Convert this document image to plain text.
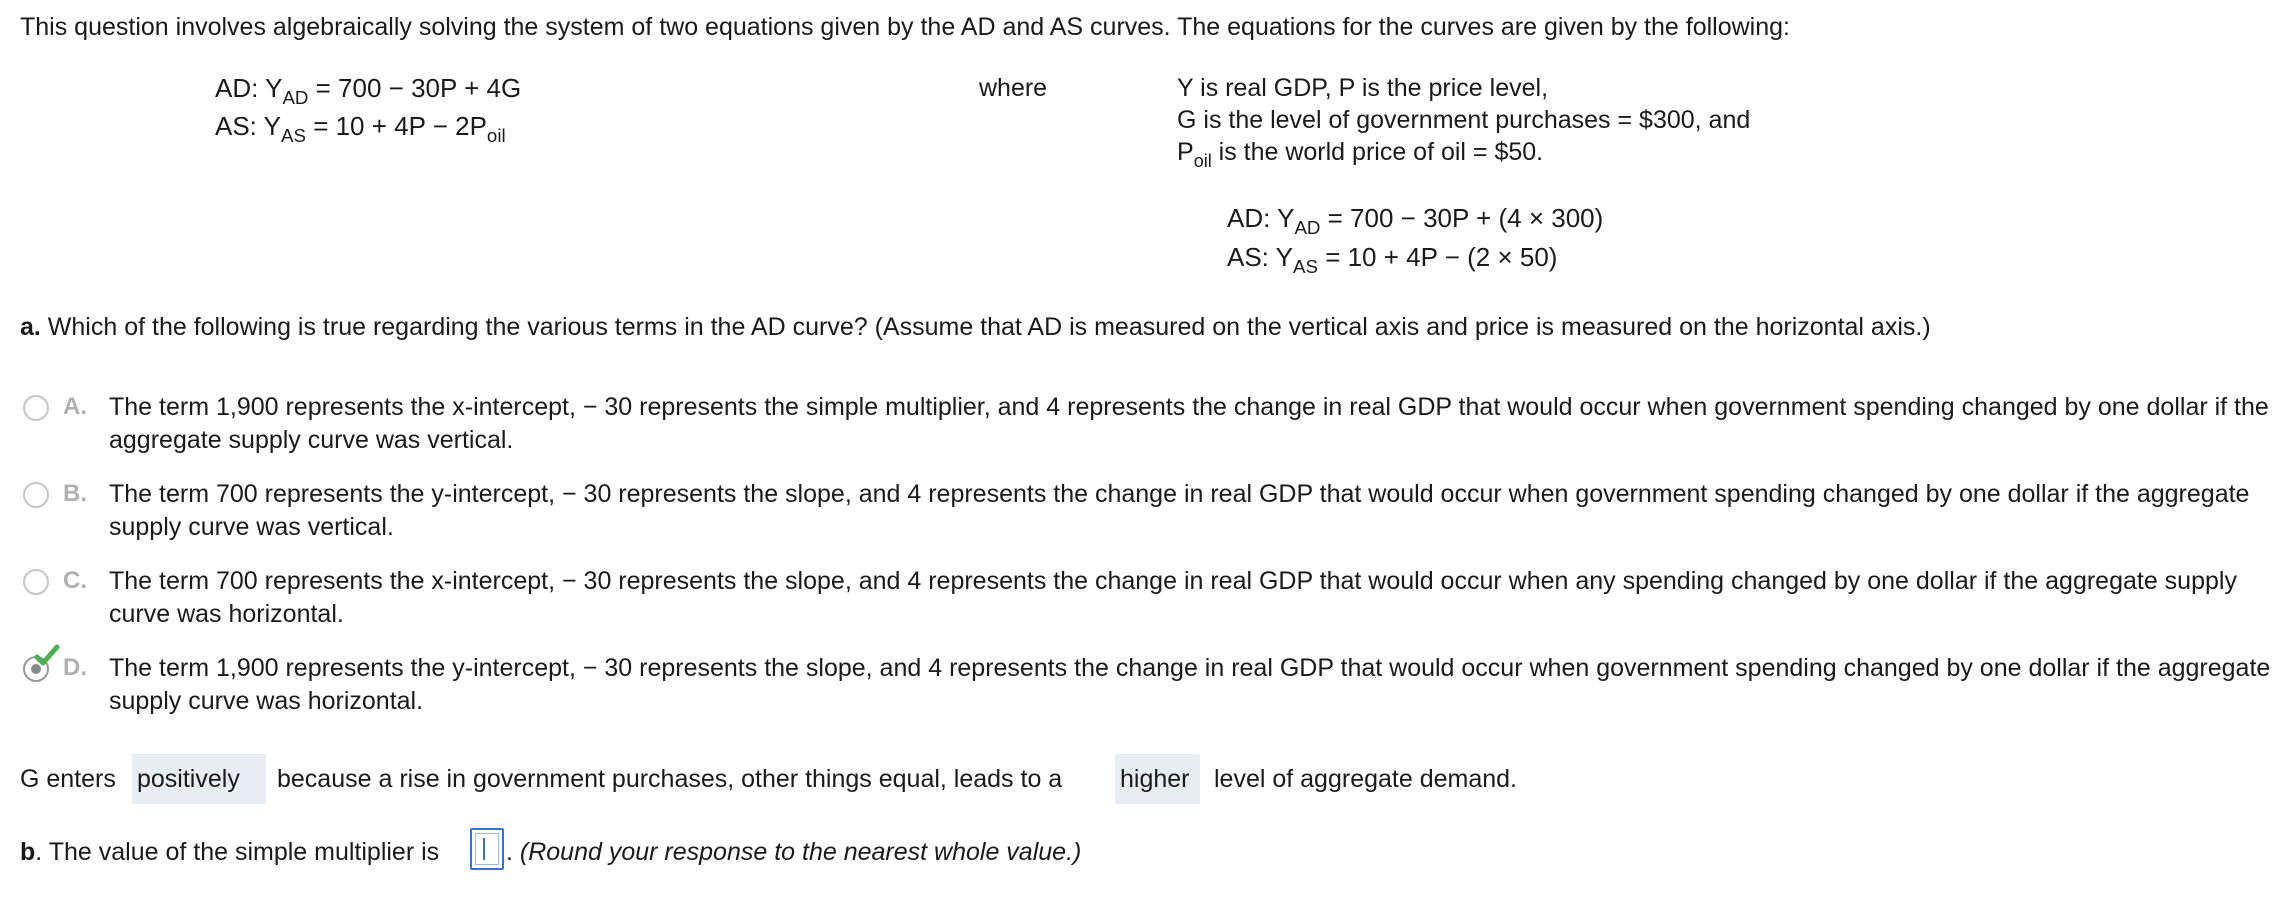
This question involves algebraically solving the system of two equations given by the AD and AS curves. The equations for the curves are given by the following:
AD: $Y_{AD} = 700 - 30P + 4G$
AS: $Y_{AS} = 10 + 4P - 2P_{oil}$
where	Y is real GDP, P is the price level,
G is the level of government purchases = $300, and
$P_{oil}$ is the world price of oil = $50.
AD: $Y_{AD} = 700 - 30P + (4 \times 300)$
AS: $Y_{AS} = 10 + 4P - (2 \times 50)$
a. Which of the following is true regarding the various terms in the AD curve? (Assume that AD is measured on the vertical axis and price is measured on the horizontal axis.)
A. The term 1,900 represents the x-intercept, − 30 represents the simple multiplier, and 4 represents the change in real GDP that would occur when government spending changed by one dollar if the aggregate supply curve was vertical.
B. The term 700 represents the y-intercept, − 30 represents the slope, and 4 represents the change in real GDP that would occur when government spending changed by one dollar if the aggregate supply curve was vertical.
C. The term 700 represents the x-intercept, − 30 represents the slope, and 4 represents the change in real GDP that would occur when any spending changed by one dollar if the aggregate supply curve was horizontal.
D. The term 1,900 represents the y-intercept, − 30 represents the slope, and 4 represents the change in real GDP that would occur when government spending changed by one dollar if the aggregate supply curve was horizontal.
G enters positively	because a rise in government purchases, other things equal, leads to a higher level of aggregate demand.
b. The value of the simple multiplier is	. (Round your response to the nearest whole value.)
